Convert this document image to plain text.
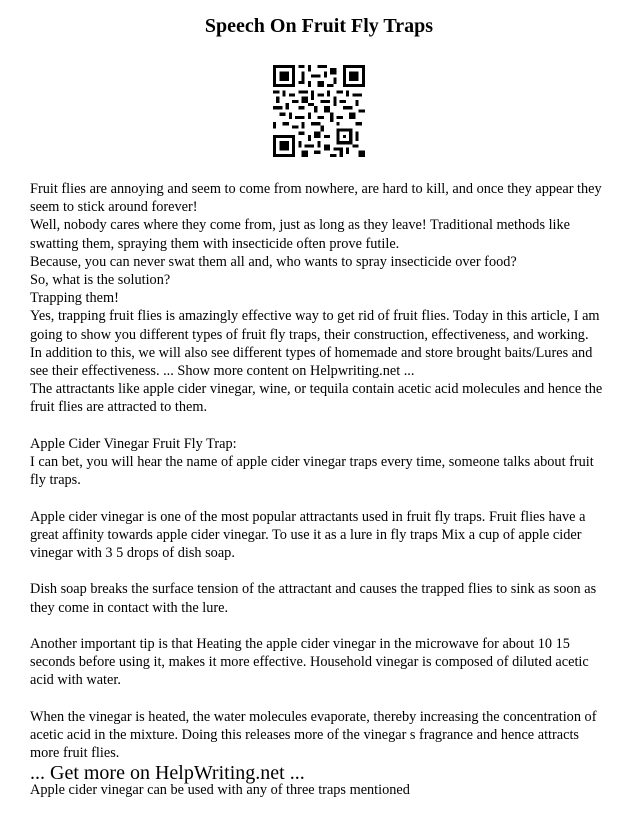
Speech On Fruit Fly Traps

Fruit flies are annoying and seem to come from nowhere, are hard to kill, and once they appear they seem to stick around forever!

Well, nobody cares where they come from, just as long as they leave! Traditional methods like swatting them, spraying them with insecticide often prove futile.

Because, you can never swat them all and, who wants to spray insecticide over food?

So, what is the solution?

Trapping them!

Yes, trapping fruit flies is amazingly effective way to get rid of fruit flies. Today in this article, I am going to show you different types of fruit fly traps, their construction, effectiveness, and working.

In addition to this, we will also see different types of homemade and store brought baits/Lures and see their effectiveness. ... Show more content on Helpwriting.net ...

The attractants like apple cider vinegar, wine, or tequila contain acetic acid molecules and hence the fruit flies are attracted to them.

Apple Cider Vinegar Fruit Fly Trap:

I can bet, you will hear the name of apple cider vinegar traps every time, someone talks about fruit fly traps.

Apple cider vinegar is one of the most popular attractants used in fruit fly traps. Fruit flies have a great affinity towards apple cider vinegar. To use it as a lure in fly traps Mix a cup of apple cider vinegar with 3 5 drops of dish soap.

Dish soap breaks the surface tension of the attractant and causes the trapped flies to sink as soon as they come in contact with the lure.

Another important tip is that Heating the apple cider vinegar in the microwave for about 10 15 seconds before using it, makes it more effective. Household vinegar is composed of diluted acetic acid with water.

When the vinegar is heated, the water molecules evaporate, thereby increasing the concentration of acetic acid in the mixture. Doing this releases more of the vinegar s fragrance and hence attracts more fruit flies.

Apple cider vinegar can be used with any of three traps mentioned

... Get more on HelpWriting.net ...
